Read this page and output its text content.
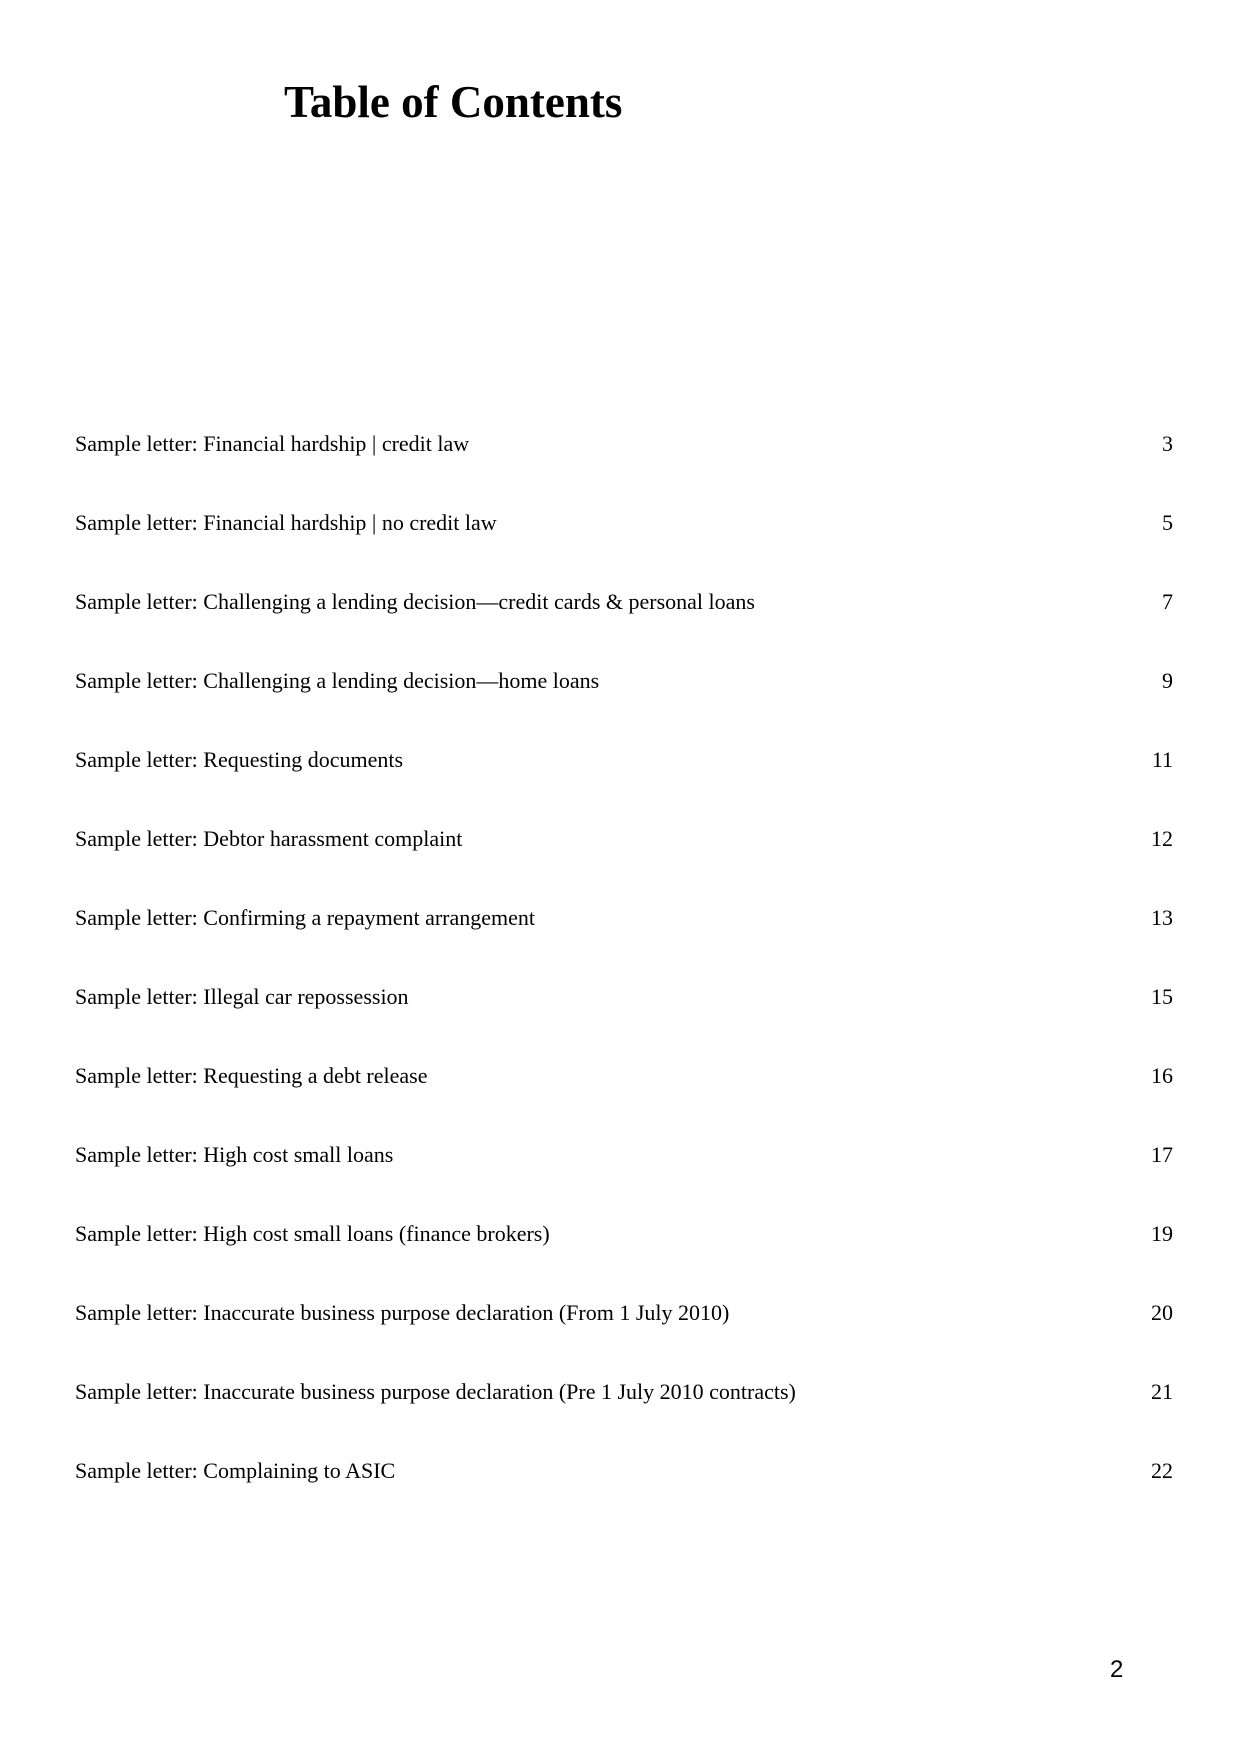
Table of Contents
Sample letter: Financial hardship | credit law	3
Sample letter: Financial hardship | no credit law	5
Sample letter: Challenging a lending decision—credit cards & personal loans	7
Sample letter: Challenging a lending decision—home loans	9
Sample letter: Requesting documents	11
Sample letter: Debtor harassment complaint	12
Sample letter: Confirming a repayment arrangement	13
Sample letter: Illegal car repossession	15
Sample letter: Requesting a debt release	16
Sample letter: High cost small loans	17
Sample letter: High cost small loans (finance brokers)	19
Sample letter: Inaccurate business purpose declaration (From 1 July 2010)	20
Sample letter: Inaccurate business purpose declaration (Pre 1 July 2010 contracts)	21
Sample letter: Complaining to ASIC	22
2
